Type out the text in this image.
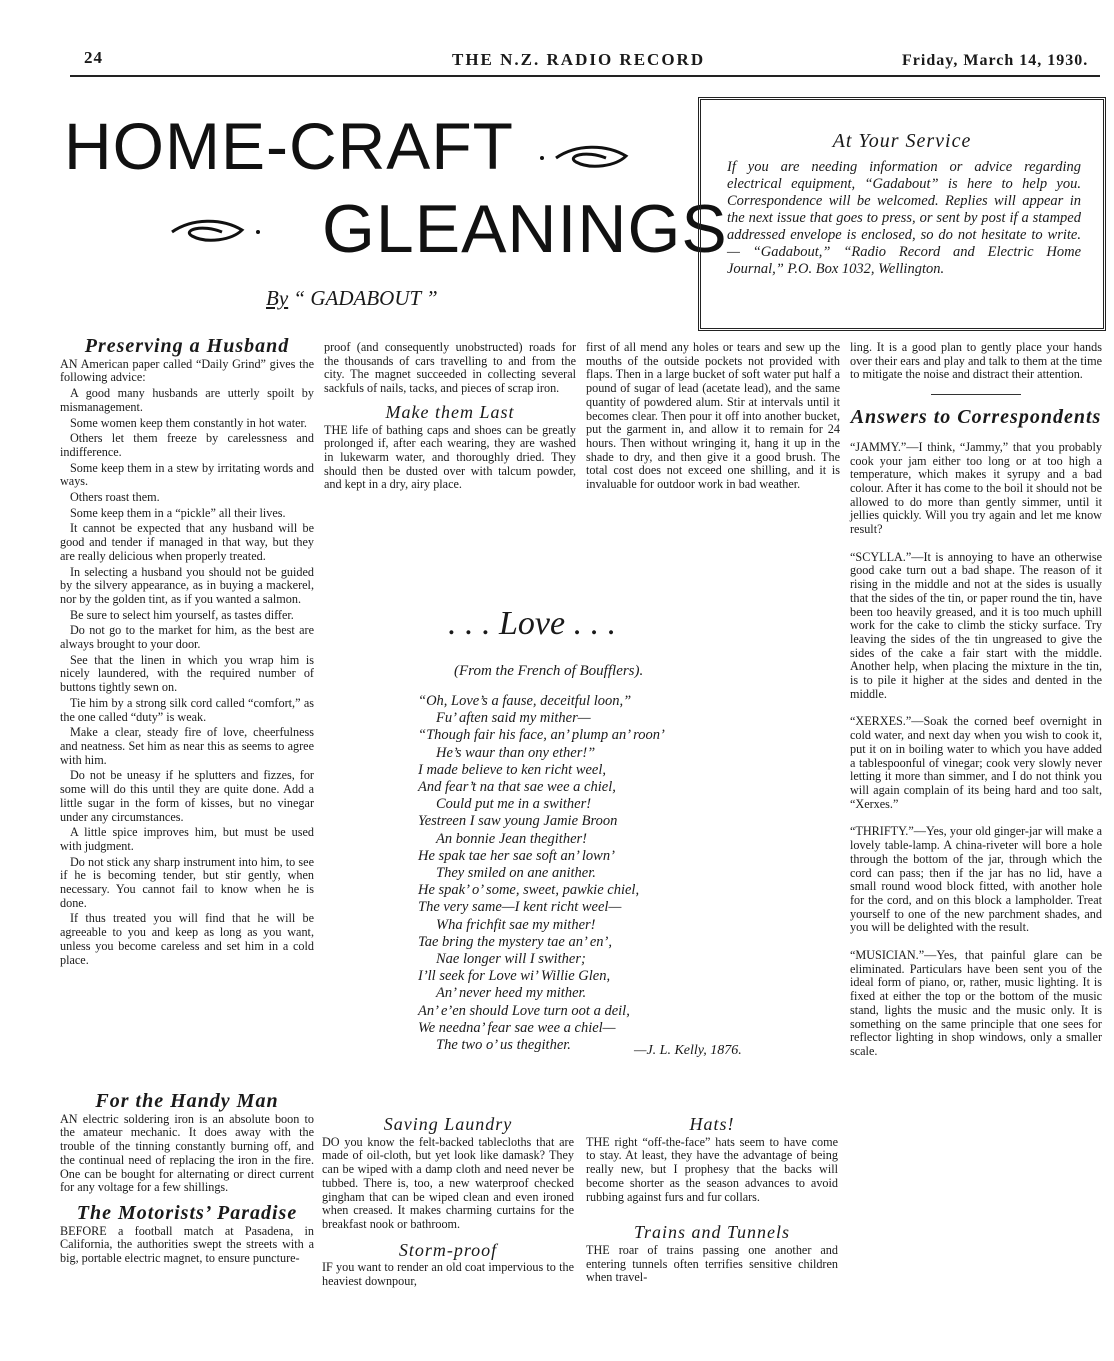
24	THE N.Z. RADIO RECORD	Friday, March 14, 1930.
HOME-CRAFT
GLEANINGS
By “ GADABOUT ”
At Your Service

If you are needing information or advice regarding electrical equipment, “Gadabout” is here to help you. Correspondence will be welcomed. Replies will appear in the next issue that goes to press, or sent by post if a stamped addressed envelope is enclosed, so do not hesitate to write.— “Gadabout,” “Radio Record and Electric Home Journal,” P.O. Box 1032, Wellington.

Preserving a Husband

AN American paper called “Daily Grind” gives the following advice:

A good many husbands are utterly spoilt by mismanagement.

Some women keep them constantly in hot water.

Others let them freeze by carelessness and indifference.

Some keep them in a stew by irritating words and ways.

Others roast them.

Some keep them in a “pickle” all their lives.

It cannot be expected that any husband will be good and tender if managed in that way, but they are really delicious when properly treated.

In selecting a husband you should not be guided by the silvery appearance, as in buying a mackerel, nor by the golden tint, as if you wanted a salmon.

Be sure to select him yourself, as tastes differ.

Do not go to the market for him, as the best are always brought to your door.

See that the linen in which you wrap him is nicely laundered, with the required number of buttons tightly sewn on.

Tie him by a strong silk cord called “comfort,” as the one called “duty” is weak.

Make a clear, steady fire of love, cheerfulness and neatness. Set him as near this as seems to agree with him.

Do not be uneasy if he splutters and fizzes, for some will do this until they are quite done. Add a little sugar in the form of kisses, but no vinegar under any circumstances.

A little spice improves him, but must be used with judgment.

Do not stick any sharp instrument into him, to see if he is becoming tender, but stir gently, when necessary. You cannot fail to know when he is done.

If thus treated you will find that he will be agreeable to you and keep as long as you want, unless you become careless and set him in a cold place.

For the Handy Man

AN electric soldering iron is an absolute boon to the amateur mechanic. It does away with the trouble of the tinning constantly burning off, and the continual need of replacing the iron in the fire. One can be bought for alternating or direct current for any voltage for a few shillings.

The Motorists’ Paradise

BEFORE a football match at Pasadena, in California, the authorities swept the streets with a big, portable electric magnet, to ensure puncture-

proof (and consequently unobstructed) roads for the thousands of cars travelling to and from the city. The magnet succeeded in collecting several sackfuls of nails, tacks, and pieces of scrap iron.

Make them Last

THE life of bathing caps and shoes can be greatly prolonged if, after each wearing, they are washed in lukewarm water, and thoroughly dried. They should then be dusted over with talcum powder, and kept in a dry, airy place.

first of all mend any holes or tears and sew up the mouths of the outside pockets not provided with flaps. Then in a large bucket of soft water put half a pound of sugar of lead (acetate lead), and the same quantity of powdered alum. Stir at intervals until it becomes clear. Then pour it off into another bucket, put the garment in, and allow it to remain for 24 hours. Then without wringing it, hang it up in the shade to dry, and then give it a good brush. The total cost does not exceed one shilling, and it is invaluable for outdoor work in bad weather.

ling. It is a good plan to gently place your hands over their ears and play and talk to them at the time to mitigate the noise and distract their attention.

Answers to Correspondents

“JAMMY.”—I think, “Jammy,” that you probably cook your jam either too long or at too high a temperature, which makes it syrupy and a bad colour. After it has come to the boil it should not be allowed to do more than gently simmer, until it jellies quickly. Will you try again and let me know result?

“SCYLLA.”—It is annoying to have an otherwise good cake turn out a bad shape. The reason of it rising in the middle and not at the sides is usually that the sides of the tin, or paper round the tin, have been too heavily greased, and it is too much uphill work for the cake to climb the sticky surface. Try leaving the sides of the tin ungreased to give the sides of the cake a fair start with the middle. Another help, when placing the mixture in the tin, is to pile it higher at the sides and dented in the middle.

“XERXES.”—Soak the corned beef overnight in cold water, and next day when you wish to cook it, put it on in boiling water to which you have added a tablespoonful of vinegar; cook very slowly never letting it more than simmer, and I do not think you will again complain of its being hard and too salt, “Xerxes.”

“THRIFTY.”—Yes, your old ginger-jar will make a lovely table-lamp. A china-riveter will bore a hole through the bottom of the jar, through which the cord can pass; then if the jar has no lid, have a small round wood block fitted, with another hole for the cord, and on this block a lampholder. Treat yourself to one of the new parchment shades, and you will be delighted with the result.

“MUSICIAN.”—Yes, that painful glare can be eliminated. Particulars have been sent you of the ideal form of piano, or, rather, music lighting. It is fixed at either the top or the bottom of the music stand, lights the music and the music only. It is something on the same principle that one sees for reflector lighting in shop windows, only a smaller scale.

. . . Love . . .
(From the French of Boufflers).
“Oh, Love’s a fause, deceitful loon,”
Fu’ aften said my mither—
“Though fair his face, an’ plump an’ roon’
He’s waur than ony ether!”
I made believe to ken richt weel,
And fear’t na that sae wee a chiel,
Could put me in a swither!
Yestreen I saw young Jamie Broon
An bonnie Jean thegither!
He spak tae her sae soft an’ lown’
They smiled on ane anither.
He spak’ o’ some, sweet, pawkie chiel,
The very same—I kent richt weel—
Wha frichfit sae my mither!
Tae bring the mystery tae an’ en’,
Nae longer will I swither;
I’ll seek for Love wi’ Willie Glen,
An’ never heed my mither.
An’ e’en should Love turn oot a deil,
We needna’ fear sae wee a chiel—
The two o’ us thegither.	—J. L. Kelly, 1876.
Saving Laundry

DO you know the felt-backed tablecloths that are made of oil-cloth, but yet look like damask? They can be wiped with a damp cloth and need never be tubbed. There is, too, a new waterproof checked gingham that can be wiped clean and even ironed when creased. It makes charming curtains for the breakfast nook or bathroom.

Storm-proof

IF you want to render an old coat impervious to the heaviest downpour,

Hats!

THE right “off-the-face” hats seem to have come to stay. At least, they have the advantage of being really new, but I prophesy that the backs will become shorter as the season advances to avoid rubbing against furs and fur collars.

Trains and Tunnels

THE roar of trains passing one another and entering tunnels often terrifies sensitive children when travel-
